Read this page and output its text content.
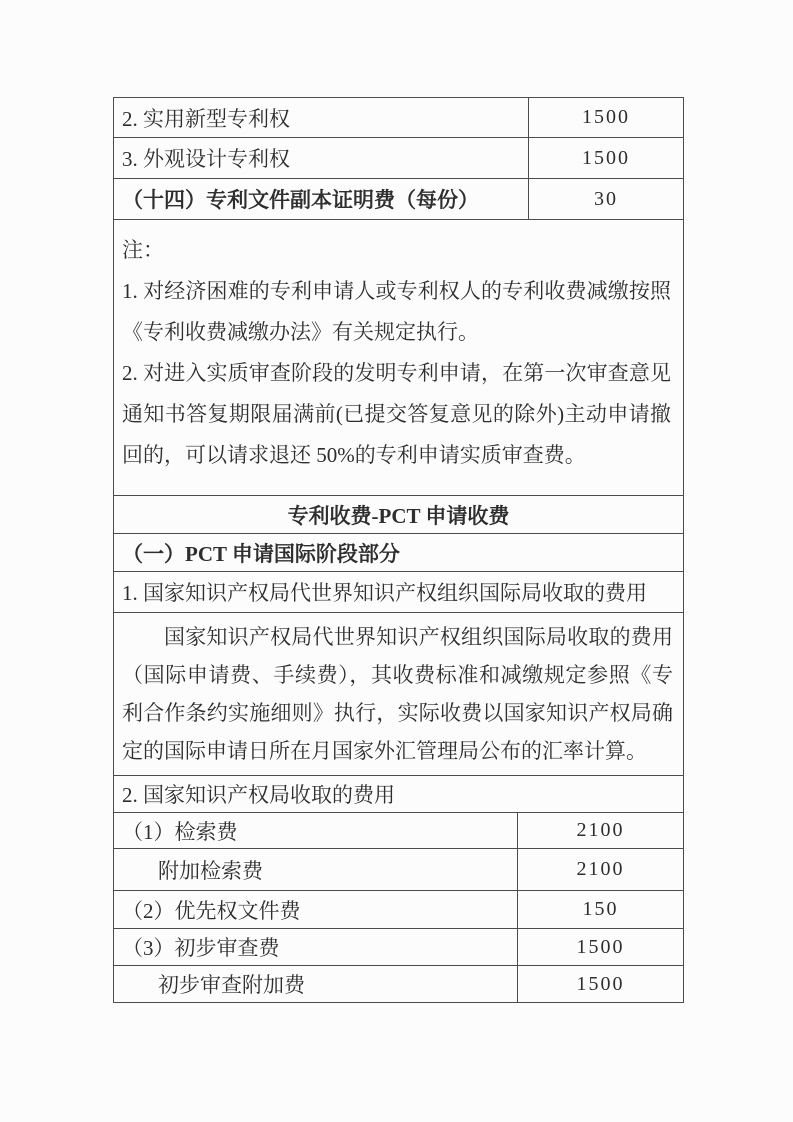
2. 实用新型专利权	1500
3. 外观设计专利权	1500
（十四）专利文件副本证明费（每份）	30

注：
1. 对经济困难的专利申请人或专利权人的专利收费减缴按照《专利收费减缴办法》有关规定执行。
2. 对进入实质审查阶段的发明专利申请，在第一次审查意见通知书答复期限届满前(已提交答复意见的除外)主动申请撤回的，可以请求退还 50%的专利申请实质审查费。	
专利收费-PCT 申请收费	
（一）PCT 申请国际阶段部分	
1. 国家知识产权局代世界知识产权组织国际局收取的费用	

国家知识产权局代世界知识产权组织国际局收取的费用（国际申请费、手续费），其收费标准和减缴规定参照《专利合作条约实施细则》执行，实际收费以国家知识产权局确定的国际申请日所在月国家外汇管理局公布的汇率计算。	

2. 国家知识产权局收取的费用	
（1）检索费	2100
附加检索费	2100
（2）优先权文件费	150
（3）初步审查费	1500
初步审查附加费	1500
